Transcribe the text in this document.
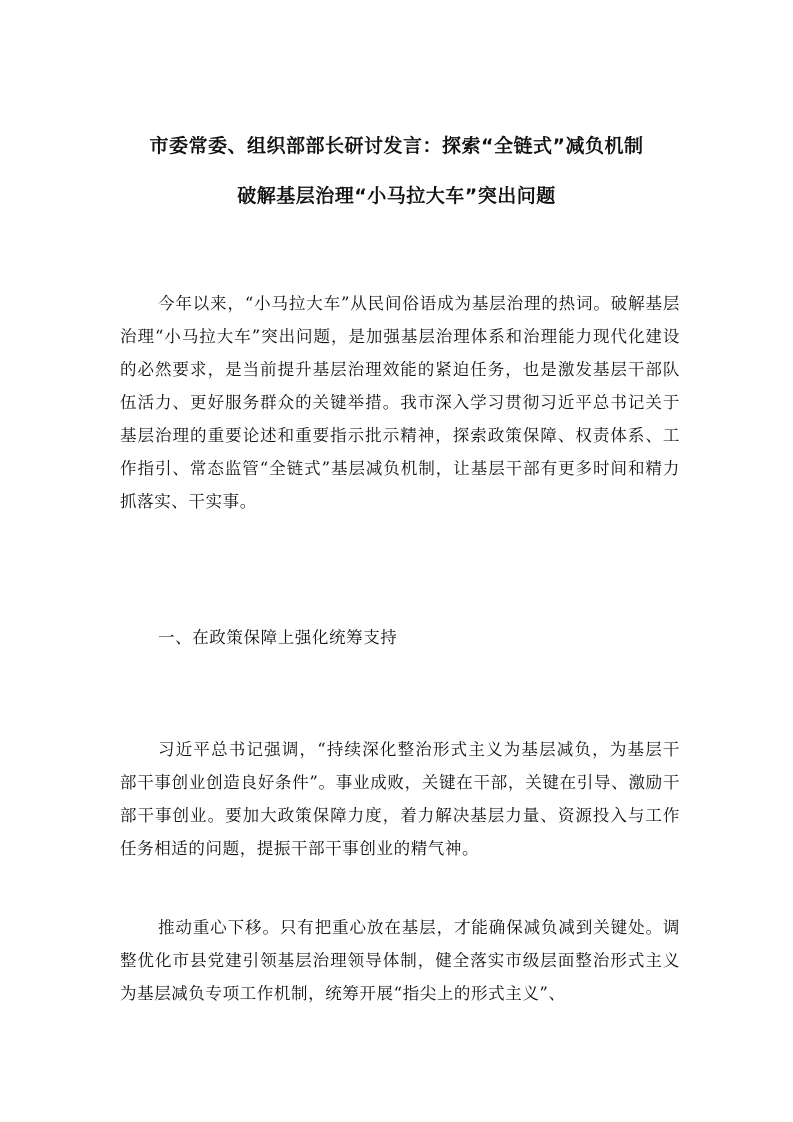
市委常委、组织部部长研讨发言：探索“全链式”减负机制
破解基层治理“小马拉大车”突出问题

今年以来，“小马拉大车”从民间俗语成为基层治理的热词。破解基层治理“小马拉大车”突出问题，是加强基层治理体系和治理能力现代化建设的必然要求，是当前提升基层治理效能的紧迫任务，也是激发基层干部队伍活力、更好服务群众的关键举措。我市深入学习贯彻习近平总书记关于基层治理的重要论述和重要指示批示精神，探索政策保障、权责体系、工作指引、常态监管“全链式”基层减负机制，让基层干部有更多时间和精力抓落实、干实事。

一、在政策保障上强化统筹支持

习近平总书记强调，“持续深化整治形式主义为基层减负，为基层干部干事创业创造良好条件”。事业成败，关键在干部，关键在引导、激励干部干事创业。要加大政策保障力度，着力解决基层力量、资源投入与工作任务相适的问题，提振干部干事创业的精气神。

推动重心下移。只有把重心放在基层，才能确保减负减到关键处。调整优化市县党建引领基层治理领导体制，健全落实市级层面整治形式主义为基层减负专项工作机制，统筹开展“指尖上的形式主义”、
